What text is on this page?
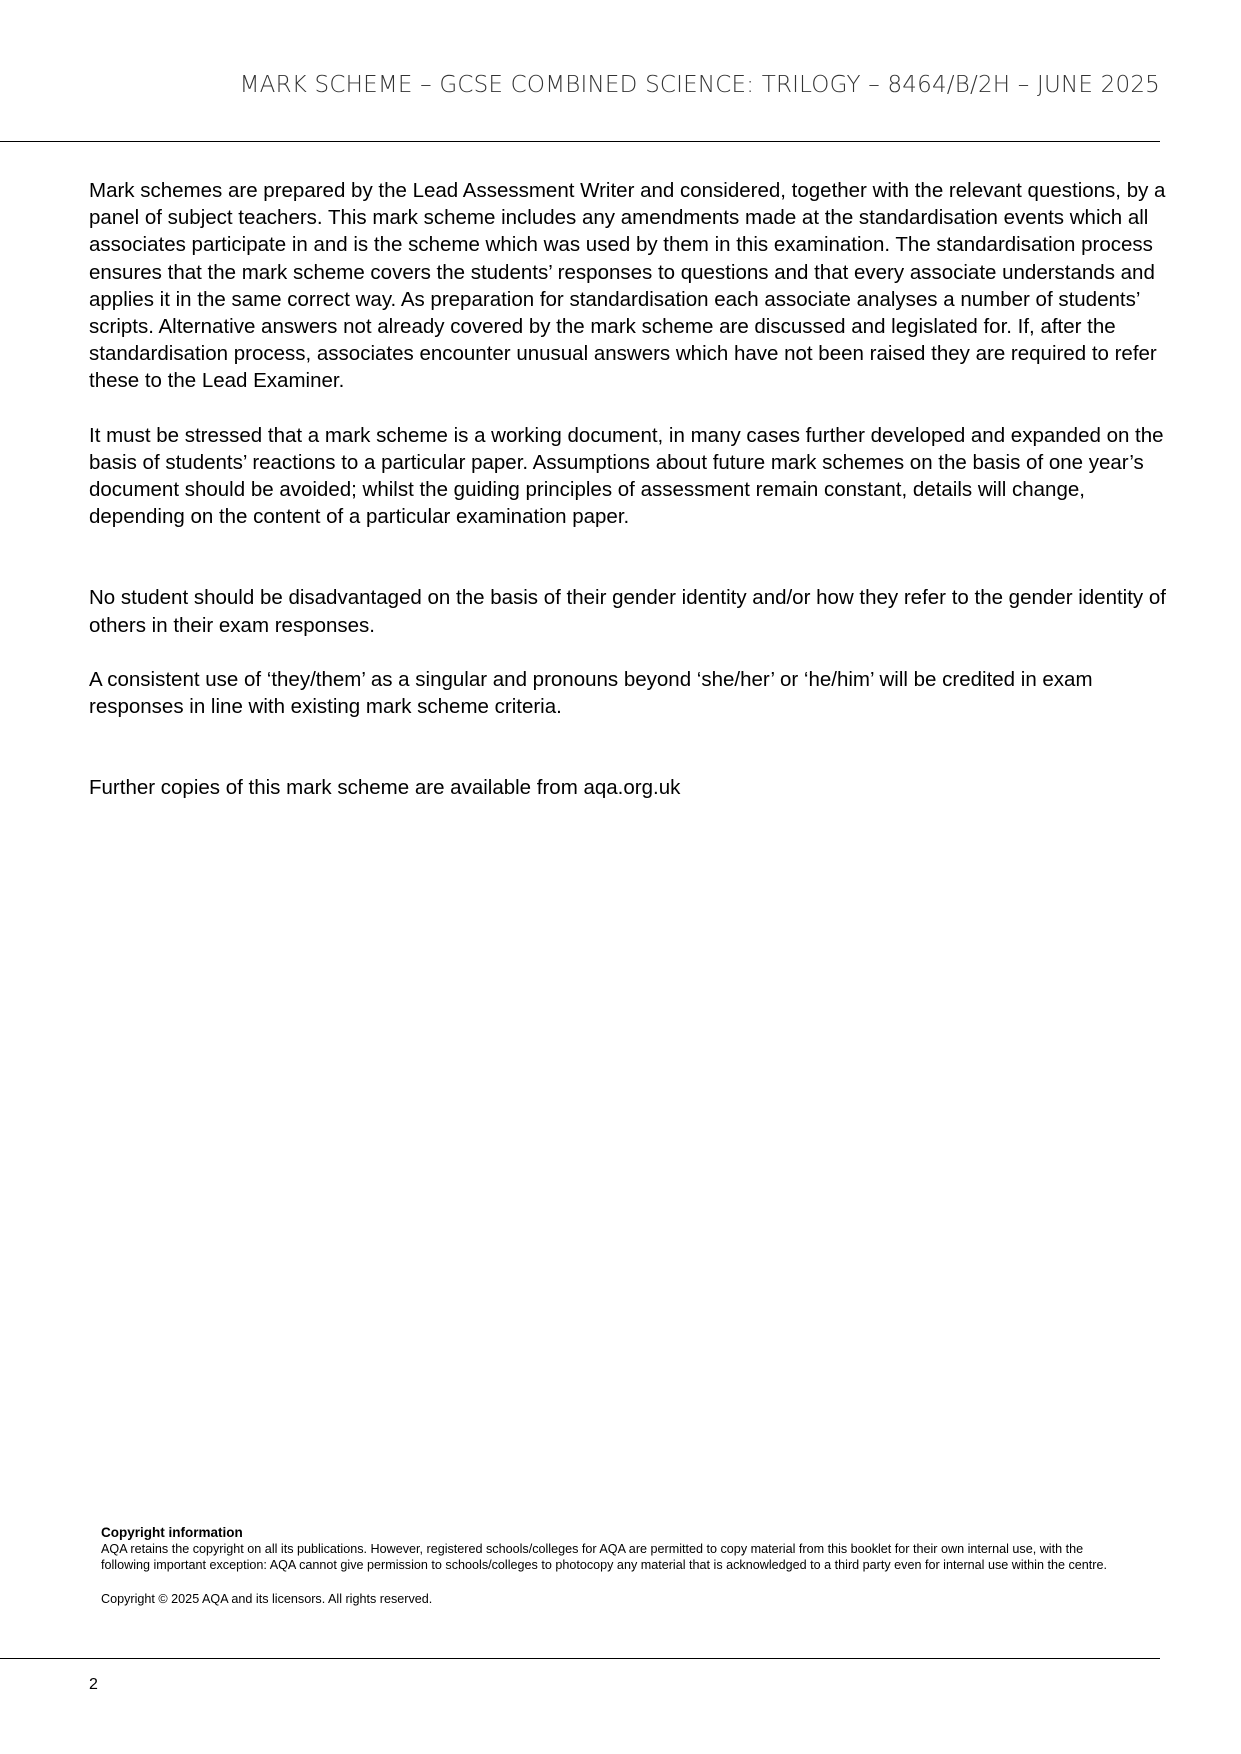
MARK SCHEME – GCSE COMBINED SCIENCE: TRILOGY – 8464/B/2H – JUNE 2025

Mark schemes are prepared by the Lead Assessment Writer and considered, together with the relevant questions, by a panel of subject teachers. This mark scheme includes any amendments made at the standardisation events which all associates participate in and is the scheme which was used by them in this examination. The standardisation process ensures that the mark scheme covers the students’ responses to questions and that every associate understands and applies it in the same correct way. As preparation for standardisation each associate analyses a number of students’ scripts. Alternative answers not already covered by the mark scheme are discussed and legislated for. If, after the standardisation process, associates encounter unusual answers which have not been raised they are required to refer these to the Lead Examiner.

It must be stressed that a mark scheme is a working document, in many cases further developed and expanded on the basis of students’ reactions to a particular paper. Assumptions about future mark schemes on the basis of one year’s document should be avoided; whilst the guiding principles of assessment remain constant, details will change, depending on the content of a particular examination paper.

No student should be disadvantaged on the basis of their gender identity and/or how they refer to the gender identity of others in their exam responses.

A consistent use of ‘they/them’ as a singular and pronouns beyond ‘she/her’ or ‘he/him’ will be credited in exam responses in line with existing mark scheme criteria.

Further copies of this mark scheme are available from aqa.org.uk

Copyright information

AQA retains the copyright on all its publications. However, registered schools/colleges for AQA are permitted to copy material from this booklet for their own internal use, with the following important exception: AQA cannot give permission to schools/colleges to photocopy any material that is acknowledged to a third party even for internal use within the centre.

Copyright © 2025 AQA and its licensors. All rights reserved.

2
